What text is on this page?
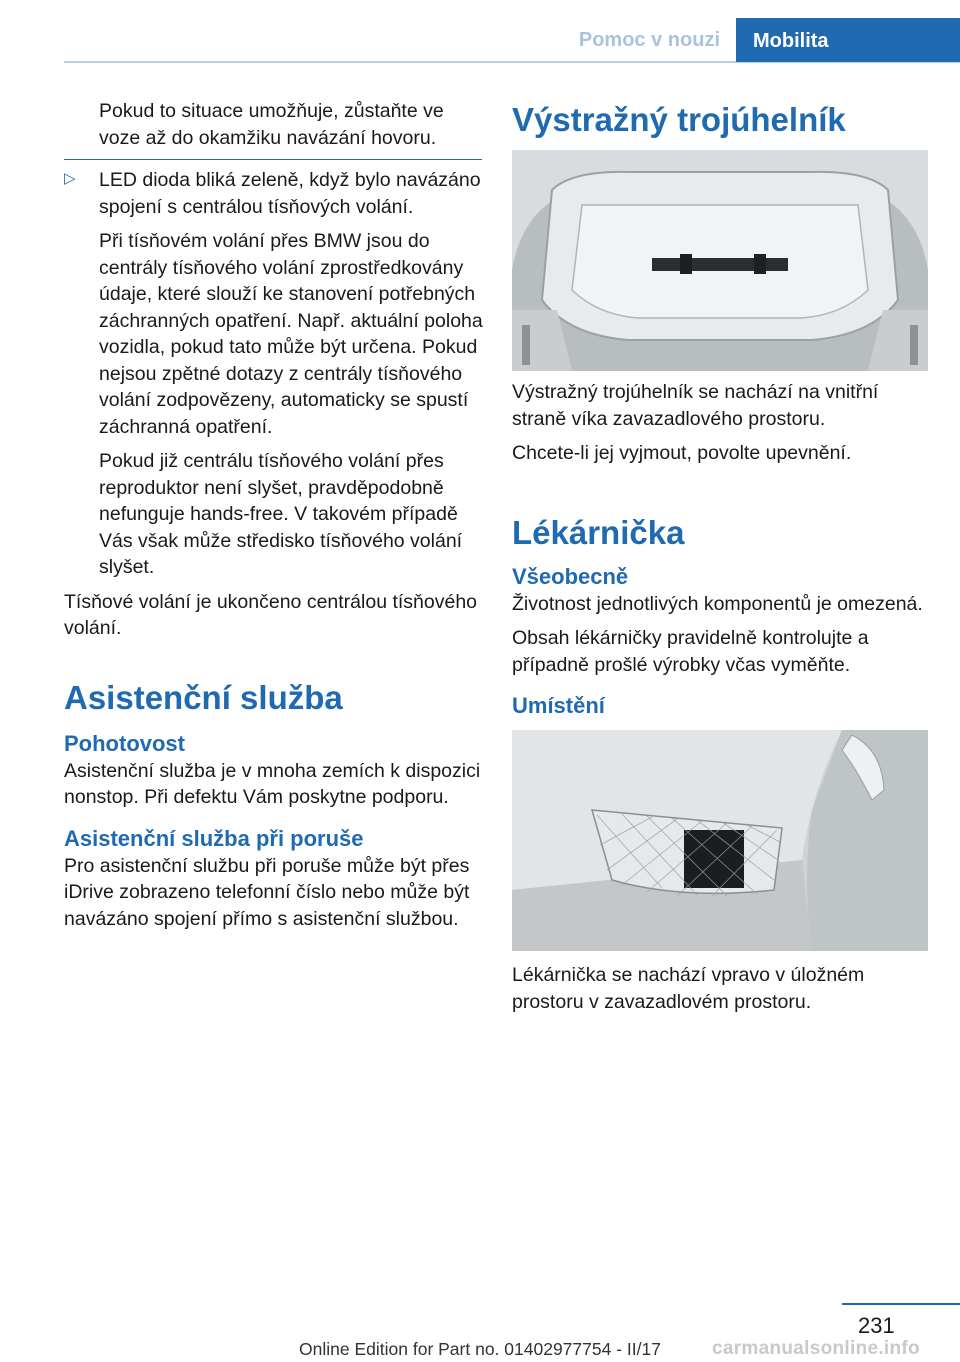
Pomoc v nouzi	Mobilita

Pokud to situace umožňuje, zůstaňte ve voze až do okamžiku navázání hovoru.

▷ LED dioda bliká zeleně, když bylo navázáno spojení s centrálou tísňových volání.

Při tísňovém volání přes BMW jsou do centrály tísňového volání zprostředkovány údaje, které slouží ke stanovení potřebných záchranných opatření. Např. aktuální poloha vozidla, pokud tato může být určena. Pokud nejsou zpětné dotazy z centrály tísňového volání zodpovězeny, automaticky se spustí záchranná opatření.

Pokud již centrálu tísňového volání přes reproduktor není slyšet, pravděpodobně nefunguje hands-free. V takovém případě Vás však může středisko tísňového volání slyšet.

Tísňové volání je ukončeno centrálou tísňového volání.

Asistenční služba
Pohotovost

Asistenční služba je v mnoha zemích k dispozici nonstop. Při defektu Vám poskytne podporu.

Asistenční služba při poruše

Pro asistenční službu při poruše může být přes iDrive zobrazeno telefonní číslo nebo může být navázáno spojení přímo s asistenční službou.

Výstražný trojúhelník

Výstražný trojúhelník se nachází na vnitřní straně víka zavazadlového prostoru.

Chcete-li jej vyjmout, povolte upevnění.

Lékárnička
Všeobecně

Životnost jednotlivých komponentů je omezená.

Obsah lékárničky pravidelně kontrolujte a případně prošlé výrobky včas vyměňte.

Umístění

Lékárnička se nachází vpravo v úložném prostoru v zavazadlovém prostoru.

231
carmanualsonline.info
Online Edition for Part no. 01402977754 - II/17
